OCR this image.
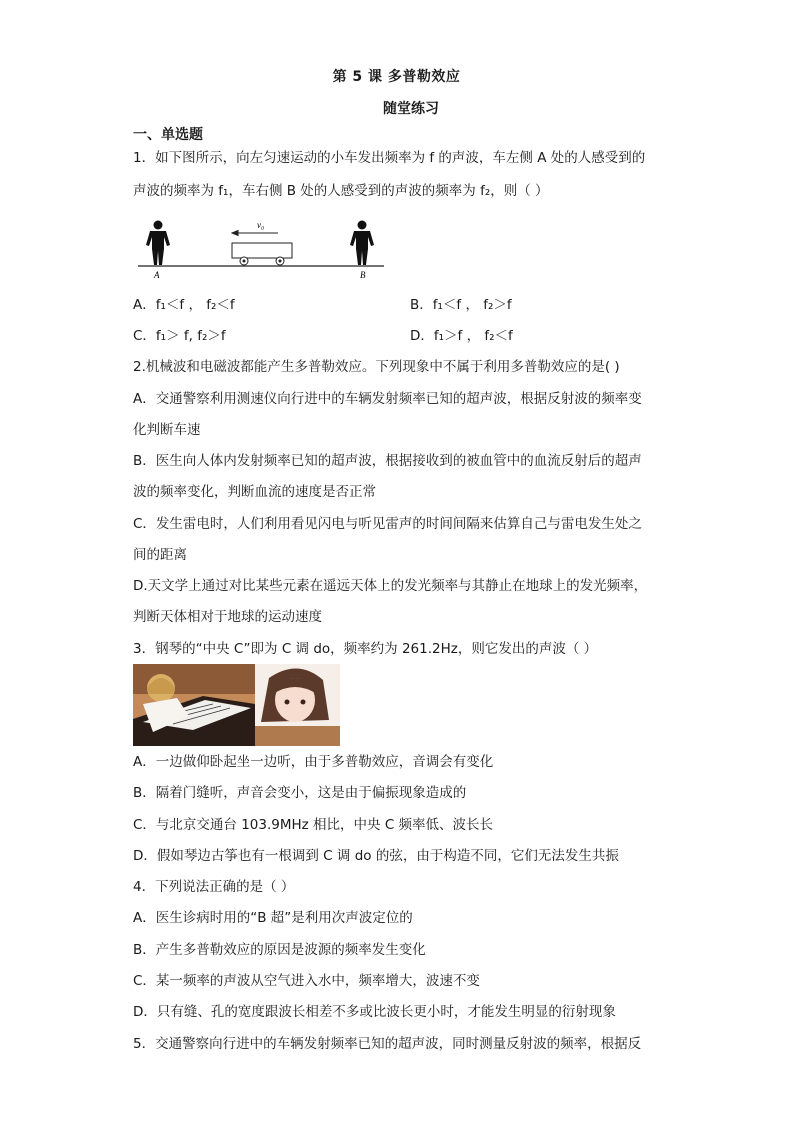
第 5 课 多普勒效应
随堂练习
一、单选题
1．如下图所示，向左匀速运动的小车发出频率为 f 的声波，车左侧 A 处的人感受到的
声波的频率为 f₁，车右侧 B 处的人感受到的声波的频率为 f₂，则（ ）
v₀
A	B
A．f₁＜f ， f₂＜f	B．f₁＜f ， f₂＞f
C．f₁＞ f, f₂＞f	D．f₁＞f ， f₂＜f
2.机械波和电磁波都能产生多普勒效应。下列现象中不属于利用多普勒效应的是( )
A．交通警察利用测速仪向行进中的车辆发射频率已知的超声波，根据反射波的频率变
化判断车速
B．医生向人体内发射频率已知的超声波，根据接收到的被血管中的血流反射后的超声
波的频率变化，判断血流的速度是否正常
C．发生雷电时，人们利用看见闪电与听见雷声的时间间隔来估算自己与雷电发生处之
间的距离
D.天文学上通过对比某些元素在遥远天体上的发光频率与其静止在地球上的发光频率，
判断天体相对于地球的运动速度
3．钢琴的“中央 C”即为 C 调 do，频率约为 261.2Hz，则它发出的声波（ ）
A．一边做仰卧起坐一边听，由于多普勒效应，音调会有变化
B．隔着门缝听，声音会变小，这是由于偏振现象造成的
C．与北京交通台 103.9MHz 相比，中央 C 频率低、波长长
D．假如琴边古筝也有一根调到 C 调 do 的弦，由于构造不同，它们无法发生共振
4．下列说法正确的是（ ）
A．医生诊病时用的“B 超”是利用次声波定位的
B．产生多普勒效应的原因是波源的频率发生变化
C．某一频率的声波从空气进入水中，频率增大，波速不变
D．只有缝、孔的宽度跟波长相差不多或比波长更小时，才能发生明显的衍射现象
5．交通警察向行进中的车辆发射频率已知的超声波，同时测量反射波的频率，根据反
